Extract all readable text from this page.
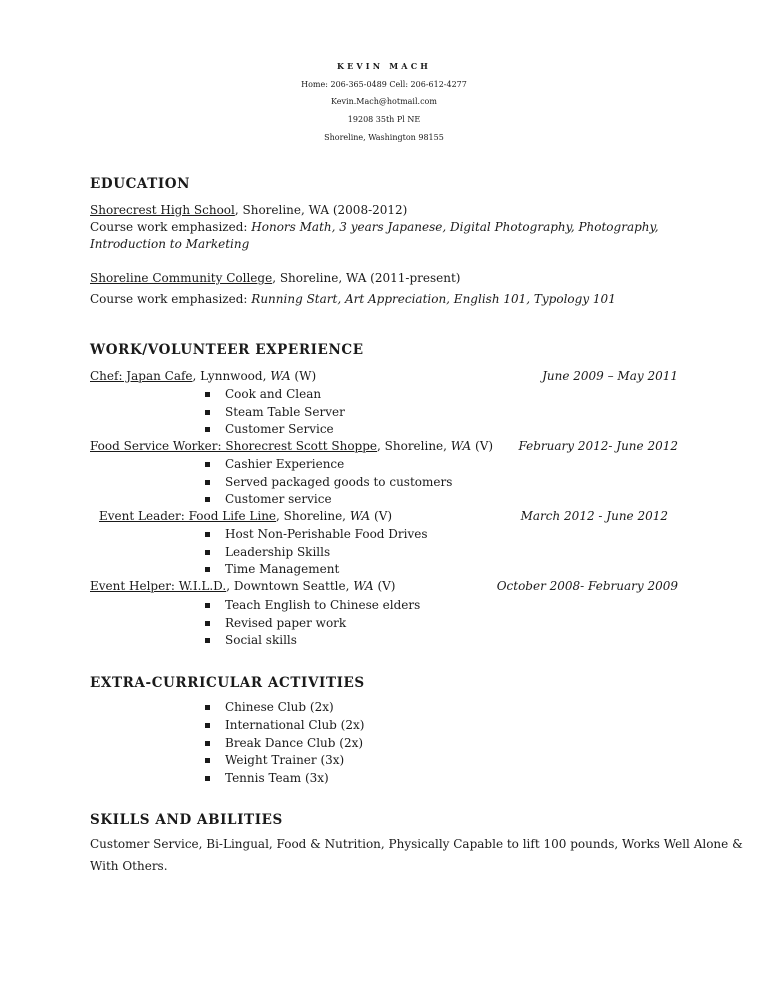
KEVIN MACH
Home: 206-365-0489 Cell: 206-612-4277
Kevin.Mach@hotmail.com
19208 35th Pl NE
Shoreline, Washington 98155
EDUCATION
Shorecrest High School, Shoreline, WA (2008-2012)
Course work emphasized: Honors Math, 3 years Japanese, Digital Photography, Photography,
Introduction to Marketing
Shoreline Community College, Shoreline, WA (2011-present)
Course work emphasized: Running Start, Art Appreciation, English 101, Typology 101
WORK/VOLUNTEER EXPERIENCE
Chef: Japan Cafe, Lynnwood, WA (W)	June 2009 – May 2011
Cook and Clean
Steam Table Server
Customer Service
Food Service Worker: Shorecrest Scott Shoppe, Shoreline, WA (V) February 2012- June 2012
Cashier Experience
Served packaged goods to customers
Customer service
Event Leader: Food Life Line, Shoreline, WA (V)	March 2012 - June 2012
Host Non-Perishable Food Drives
Leadership Skills
Time Management
Event Helper: W.I.L.D., Downtown Seattle, WA (V)	October 2008- February 2009
Teach English to Chinese elders
Revised paper work
Social skills
EXTRA-CURRICULAR ACTIVITIES
Chinese Club (2x)
International Club (2x)
Break Dance Club (2x)
Weight Trainer (3x)
Tennis Team (3x)
SKILLS AND ABILITIES
Customer Service, Bi-Lingual, Food & Nutrition, Physically Capable to lift 100 pounds, Works Well Alone &
With Others.
